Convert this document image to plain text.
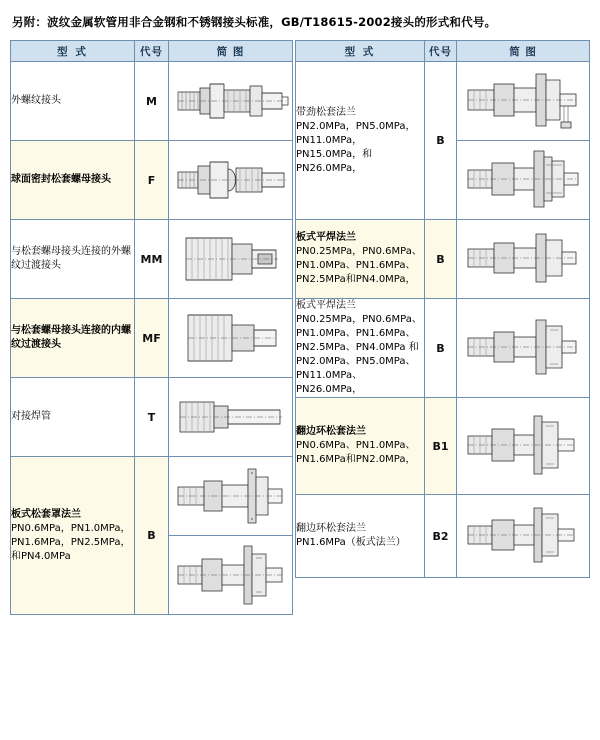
另附：波纹金属软管用非合金钢和不锈钢接头标准，GB/T18615-2002接头的形式和代号。
型 式	代号	简 图
外螺纹接头	M	

球面密封松套螺母接头	F	

与松套螺母接头连接的外螺纹过渡接头	MM	

与松套螺母接头连接的内螺纹过渡接头	MF	

对接焊管	T	

板式松套罩法兰
PN0.6MPa，PN1.0MPa，PN1.6MPa，PN2.5MPa，和PN4.0MPa	B	

型 式	代号	简 图
带劲松套法兰
PN2.0MPa，PN5.0MPa，PN11.0MPa，PN15.0MPa，和PN26.0MPa，	B	

板式平焊法兰
PN0.25MPa，PN0.6MPa、PN1.0MPa、PN1.6MPa、PN2.5MPa和PN4.0MPa，	B	

板式平焊法兰
PN0.25MPa，PN0.6MPa、PN1.0MPa、PN1.6MPa、PN2.5MPa、PN4.0MPa 和PN2.0MPa、PN5.0MPa、PN11.0MPa、PN26.0MPa，	B	

翻边环松套法兰
PN0.6MPa、PN1.0MPa、PN1.6MPa和PN2.0MPa，	B1	

翻边环松套法兰
PN1.6MPa（板式法兰）	B2	
